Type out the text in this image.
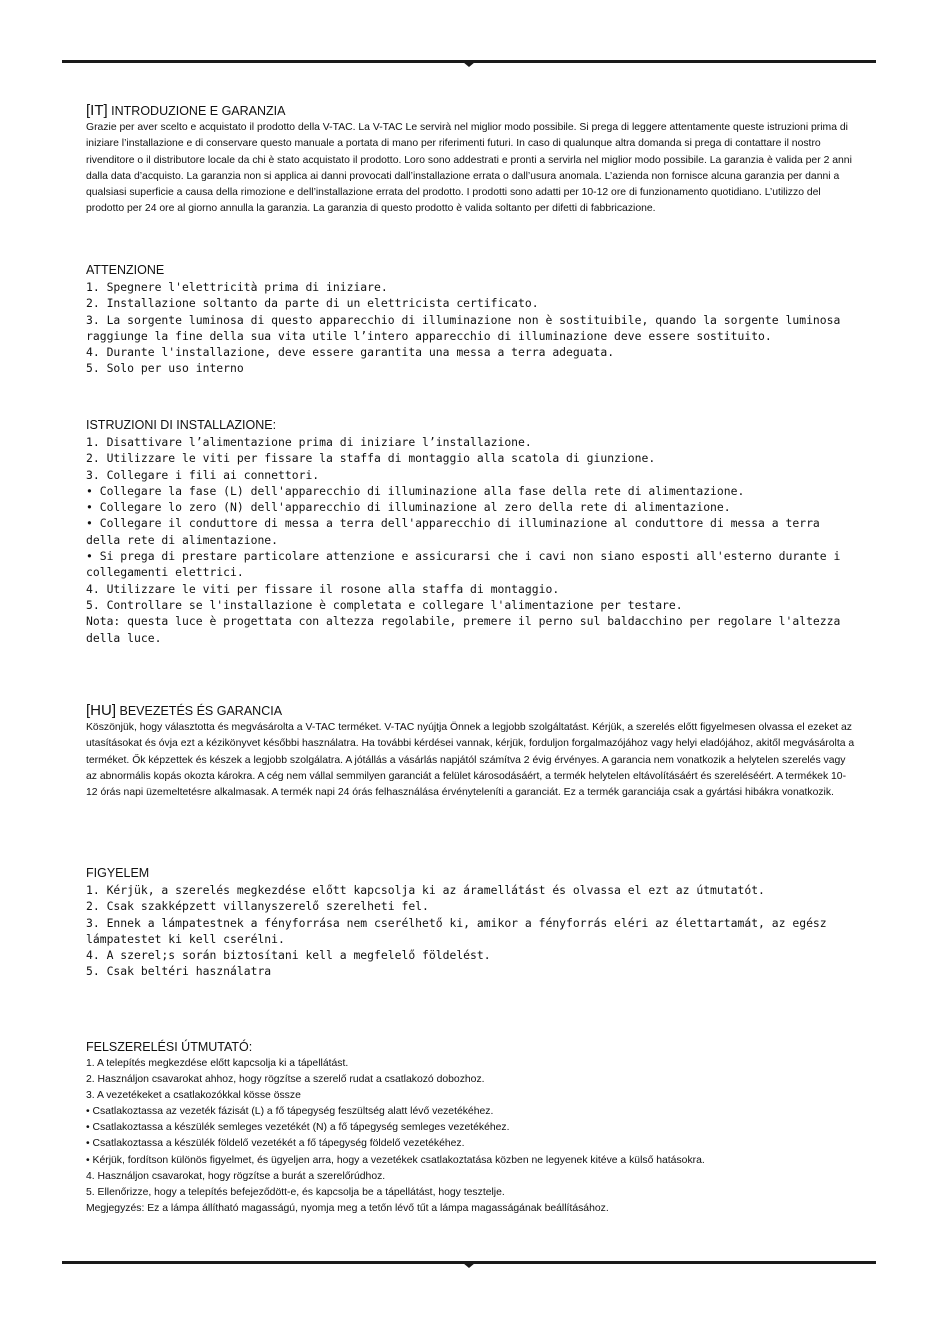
[IT] INTRODUZIONE E GARANZIA

Grazie per aver scelto e acquistato il prodotto della V-TAC. La V-TAC Le servirà nel miglior modo possibile. Si prega di leggere attentamente queste istruzioni prima di iniziare l’installazione e di conservare questo manuale a portata di mano per riferimenti futuri. In caso di qualunque altra domanda si prega di contattare il nostro rivenditore o il distributore locale da chi è stato acquistato il prodotto. Loro sono addestrati e pronti a servirla nel miglior modo possibile. La garanzia è valida per 2 anni dalla data d’acquisto. La garanzia non si applica ai danni provocati dall’installazione errata o dall’usura anomala. L’azienda non fornisce alcuna garanzia per danni a qualsiasi superficie a causa della rimozione e dell’installazione errata del prodotto. I prodotti sono adatti per 10-12 ore di funzionamento quotidiano. L’utilizzo del prodotto per 24 ore al giorno annulla la garanzia. La garanzia di questo prodotto è valida soltanto per difetti di fabbricazione.

ATTENZIONE
1. Spegnere l'elettricità prima di iniziare.
2. Installazione soltanto da parte di un elettricista certificato.
3. La sorgente luminosa di questo apparecchio di illuminazione non è sostituibile, quando la sorgente luminosa raggiunge la fine della sua vita utile l’intero apparecchio di illuminazione deve essere sostituito.
4. Durante l'installazione, deve essere garantita una messa a terra adeguata.
5. Solo per uso interno
ISTRUZIONI DI INSTALLAZIONE:
1. Disattivare l’alimentazione prima di iniziare l’installazione.
2. Utilizzare le viti per fissare la staffa di montaggio alla scatola di giunzione.
3. Collegare i fili ai connettori.
• Collegare la fase (L) dell'apparecchio di illuminazione alla fase della rete di alimentazione.
• Collegare lo zero (N) dell'apparecchio di illuminazione al zero della rete di alimentazione.
• Collegare il conduttore di messa a terra dell'apparecchio di illuminazione al conduttore di messa a terra della rete di alimentazione.
• Si prega di prestare particolare attenzione e assicurarsi che i cavi non siano esposti all'esterno durante i collegamenti elettrici.
4. Utilizzare le viti per fissare il rosone alla staffa di montaggio.
5. Controllare se l'installazione è completata e collegare l'alimentazione per testare.
Nota: questa luce è progettata con altezza regolabile, premere il perno sul baldacchino per regolare l'altezza della luce.
[HU] BEVEZETÉS ÉS GARANCIA

Köszönjük, hogy választotta és megvásárolta a V-TAC terméket. V-TAC nyújtja Önnek a legjobb szolgáltatást. Kérjük, a szerelés előtt figyelmesen olvassa el ezeket az utasításokat és óvja ezt a kézikönyvet későbbi használatra. Ha további kérdései vannak, kérjük, forduljon forgalmazójához vagy helyi eladójához, akitől megvásárolta a terméket. Ők képzettek és készek a legjobb szolgálatra. A jótállás a vásárlás napjától számítva 2 évig érvényes. A garancia nem vonatkozik a helytelen szerelés vagy az abnormális kopás okozta károkra. A cég nem vállal semmilyen garanciát a felület károsodásáért, a termék helytelen eltávolításáért és szereléséért. A termékek 10-12 órás napi üzemeltetésre alkalmasak. A termék napi 24 órás felhasználása érvényteleníti a garanciát. Ez a termék garanciája csak a gyártási hibákra vonatkozik.

FIGYELEM
1. Kérjük, a szerelés megkezdése előtt kapcsolja ki az áramellátást és olvassa el ezt az útmutatót.
2. Csak szakképzett villanyszerelő szerelheti fel.
3. Ennek a lámpatestnek a fényforrása nem cserélhető ki, amikor a fényforrás eléri az élettartamát, az egész lámpatestet ki kell cserélni.
4. A szerel;s során biztosítani kell a megfelelő földelést.
5. Csak beltéri használatra
FELSZERELÉSI ÚTMUTATÓ:
1. A telepítés megkezdése előtt kapcsolja ki a tápellátást.
2. Használjon csavarokat ahhoz, hogy rögzítse a szerelő rudat a csatlakozó dobozhoz.
3. A vezetékeket a csatlakozókkal kösse össze
• Csatlakoztassa az vezeték fázisát (L) a fő tápegység feszültség alatt lévő vezetékéhez.
• Csatlakoztassa a készülék semleges vezetékét (N) a fő tápegység semleges vezetékéhez.
• Csatlakoztassa a készülék földelő vezetékét a fő tápegység földelő vezetékéhez.
• Kérjük, fordítson különös figyelmet, és ügyeljen arra, hogy a vezetékek csatlakoztatása közben ne legyenek kitéve a külső hatásokra.
4. Használjon csavarokat, hogy rögzítse a burát a szerelőrúdhoz.
5. Ellenőrizze, hogy a telepítés befejeződött-e, és kapcsolja be a tápellátást, hogy tesztelje.
Megjegyzés: Ez a lámpa állítható magasságú, nyomja meg a tetőn lévő tűt a lámpa magasságának beállításához.
